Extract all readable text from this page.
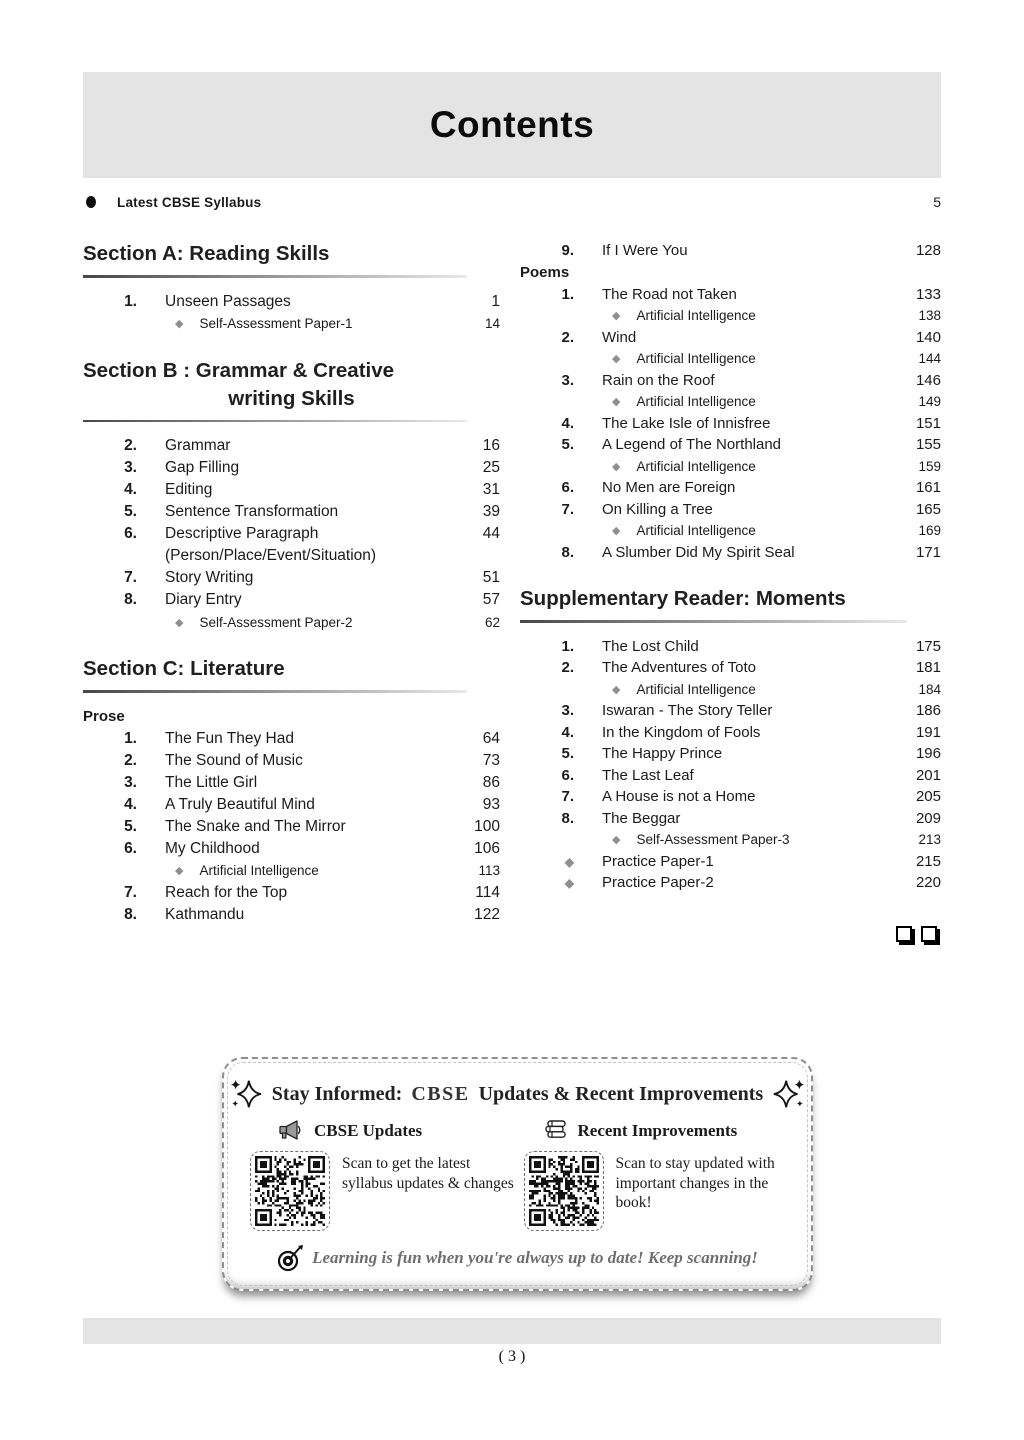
Contents
Latest CBSE Syllabus	5
Section A: Reading Skills
1. Unseen Passages	1
◆ Self-Assessment Paper-1	14
Section B : Grammar & Creative
writing Skills
2. Grammar	16
3. Gap Filling	25
4. Editing	31
5. Sentence Transformation	39
6. Descriptive Paragraph	44
(Person/Place/Event/Situation)
7. Story Writing	51
8. Diary Entry	57
◆ Self-Assessment Paper-2	62
Section C: Literature
Prose
1. The Fun They Had	64
2. The Sound of Music	73
3. The Little Girl	86
4. A Truly Beautiful Mind	93
5. The Snake and The Mirror	100
6. My Childhood	106
◆ Artificial Intelligence	113
7. Reach for the Top	114
8. Kathmandu	122
9. If I Were You	128
Poems
1. The Road not Taken	133
◆ Artificial Intelligence	138
2. Wind	140
◆ Artificial Intelligence	144
3. Rain on the Roof	146
◆ Artificial Intelligence	149
4. The Lake Isle of Innisfree	151
5. A Legend of The Northland	155
◆ Artificial Intelligence	159
6. No Men are Foreign	161
7. On Killing a Tree	165
◆ Artificial Intelligence	169
8. A Slumber Did My Spirit Seal	171
Supplementary Reader: Moments
1. The Lost Child	175
2. The Adventures of Toto	181
◆ Artificial Intelligence	184
3. Iswaran - The Story Teller	186
4. In the Kingdom of Fools	191
5. The Happy Prince	196
6. The Last Leaf	201
7. A House is not a Home	205
8. The Beggar	209
◆ Self-Assessment Paper-3	213
◆ Practice Paper-1	215
◆ Practice Paper-2	220
Stay Informed: CBSE Updates & Recent Improvements
CBSE Updates
Scan to get the latest syllabus updates & changes
Recent Improvements
Scan to stay updated with important changes in the book!
Learning is fun when you're always up to date! Keep scanning!
( 3 )
